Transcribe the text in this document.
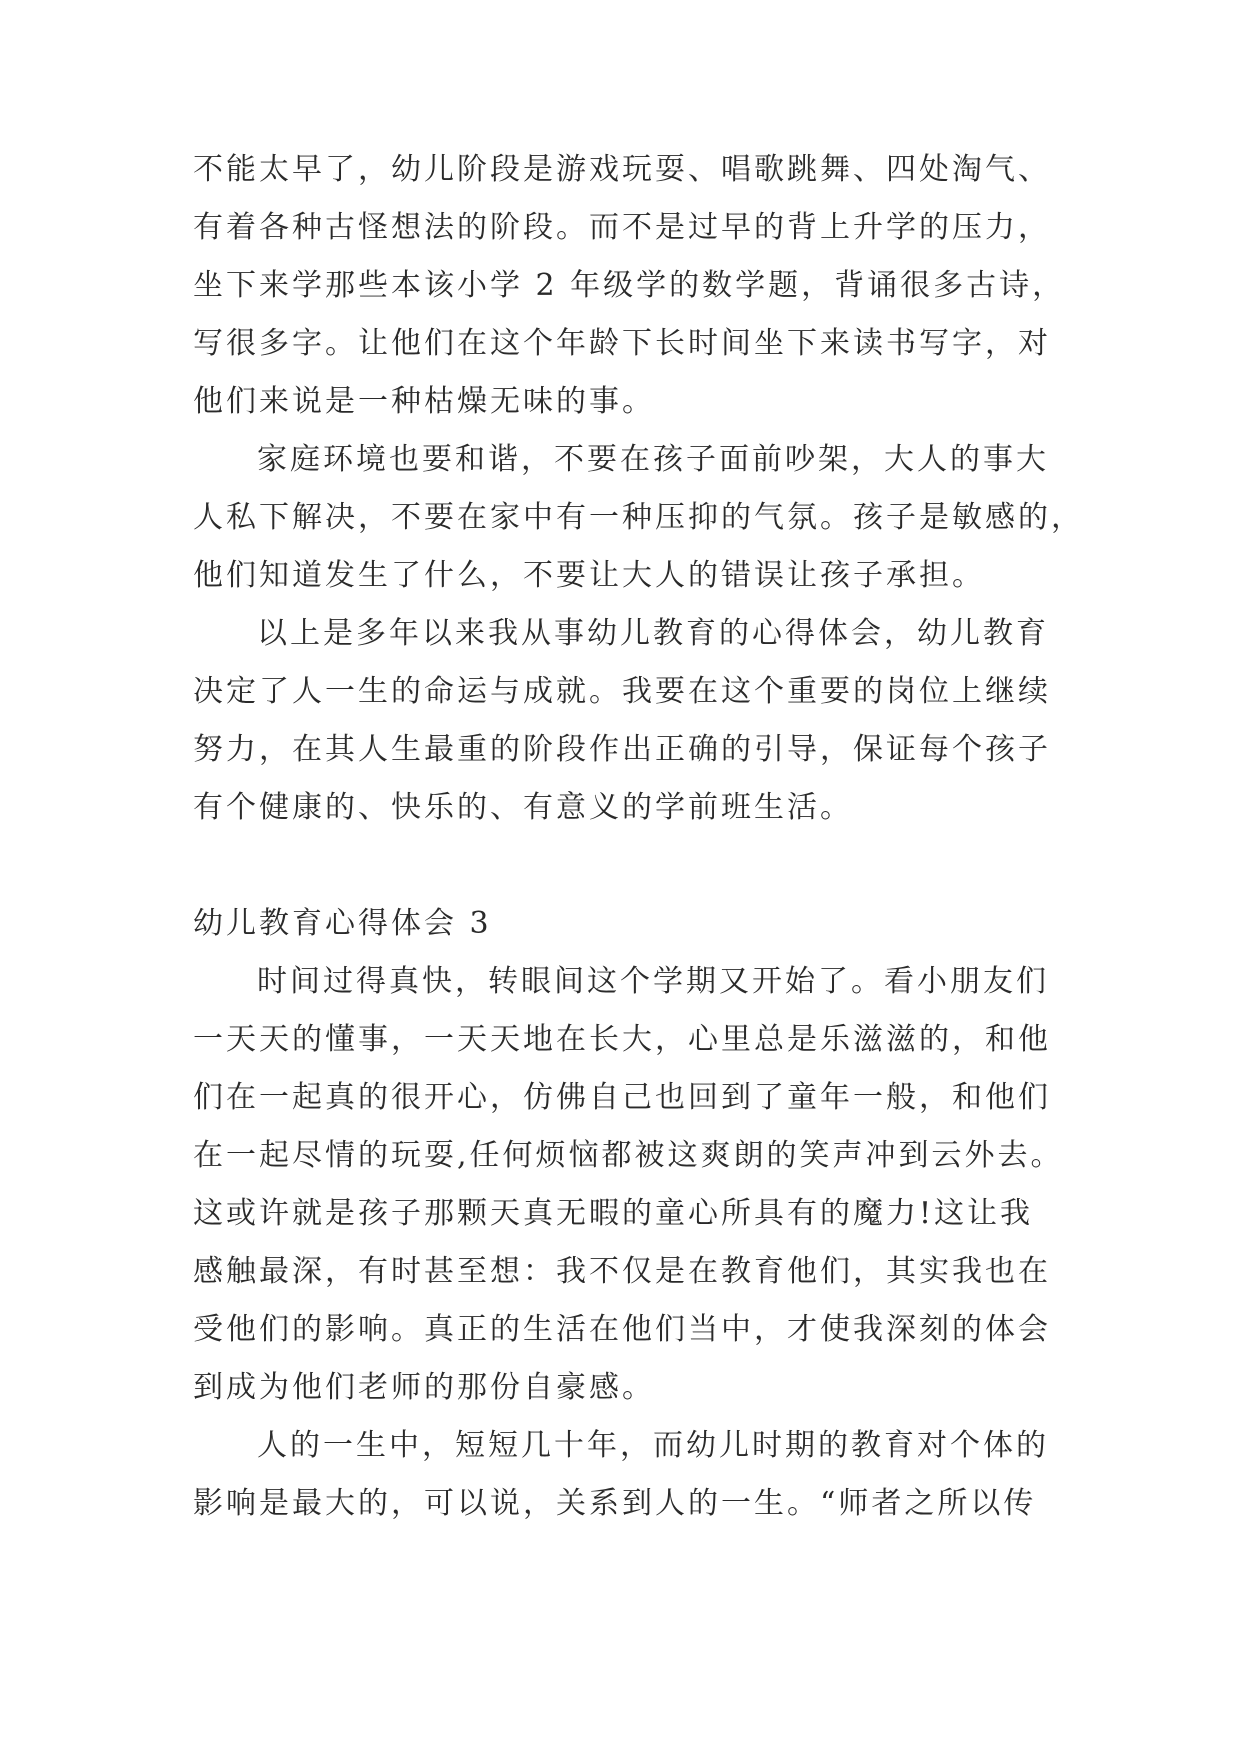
不能太早了，幼儿阶段是游戏玩耍、唱歌跳舞、四处淘气、
有着各种古怪想法的阶段。而不是过早的背上升学的压力，
坐下来学那些本该小学 2 年级学的数学题，背诵很多古诗，
写很多字。让他们在这个年龄下长时间坐下来读书写字，对
他们来说是一种枯燥无味的事。
家庭环境也要和谐，不要在孩子面前吵架，大人的事大
人私下解决，不要在家中有一种压抑的气氛。孩子是敏感的，
他们知道发生了什么，不要让大人的错误让孩子承担。
以上是多年以来我从事幼儿教育的心得体会，幼儿教育
决定了人一生的命运与成就。我要在这个重要的岗位上继续
努力，在其人生最重的阶段作出正确的引导，保证每个孩子
有个健康的、快乐的、有意义的学前班生活。
幼儿教育心得体会 3
时间过得真快，转眼间这个学期又开始了。看小朋友们
一天天的懂事，一天天地在长大，心里总是乐滋滋的，和他
们在一起真的很开心，仿佛自己也回到了童年一般，和他们
在一起尽情的玩耍,任何烦恼都被这爽朗的笑声冲到云外去。
这或许就是孩子那颗天真无暇的童心所具有的魔力!这让我
感触最深，有时甚至想：我不仅是在教育他们，其实我也在
受他们的影响。真正的生活在他们当中，才使我深刻的体会
到成为他们老师的那份自豪感。
人的一生中，短短几十年，而幼儿时期的教育对个体的
影响是最大的，可以说，关系到人的一生。“师者之所以传
